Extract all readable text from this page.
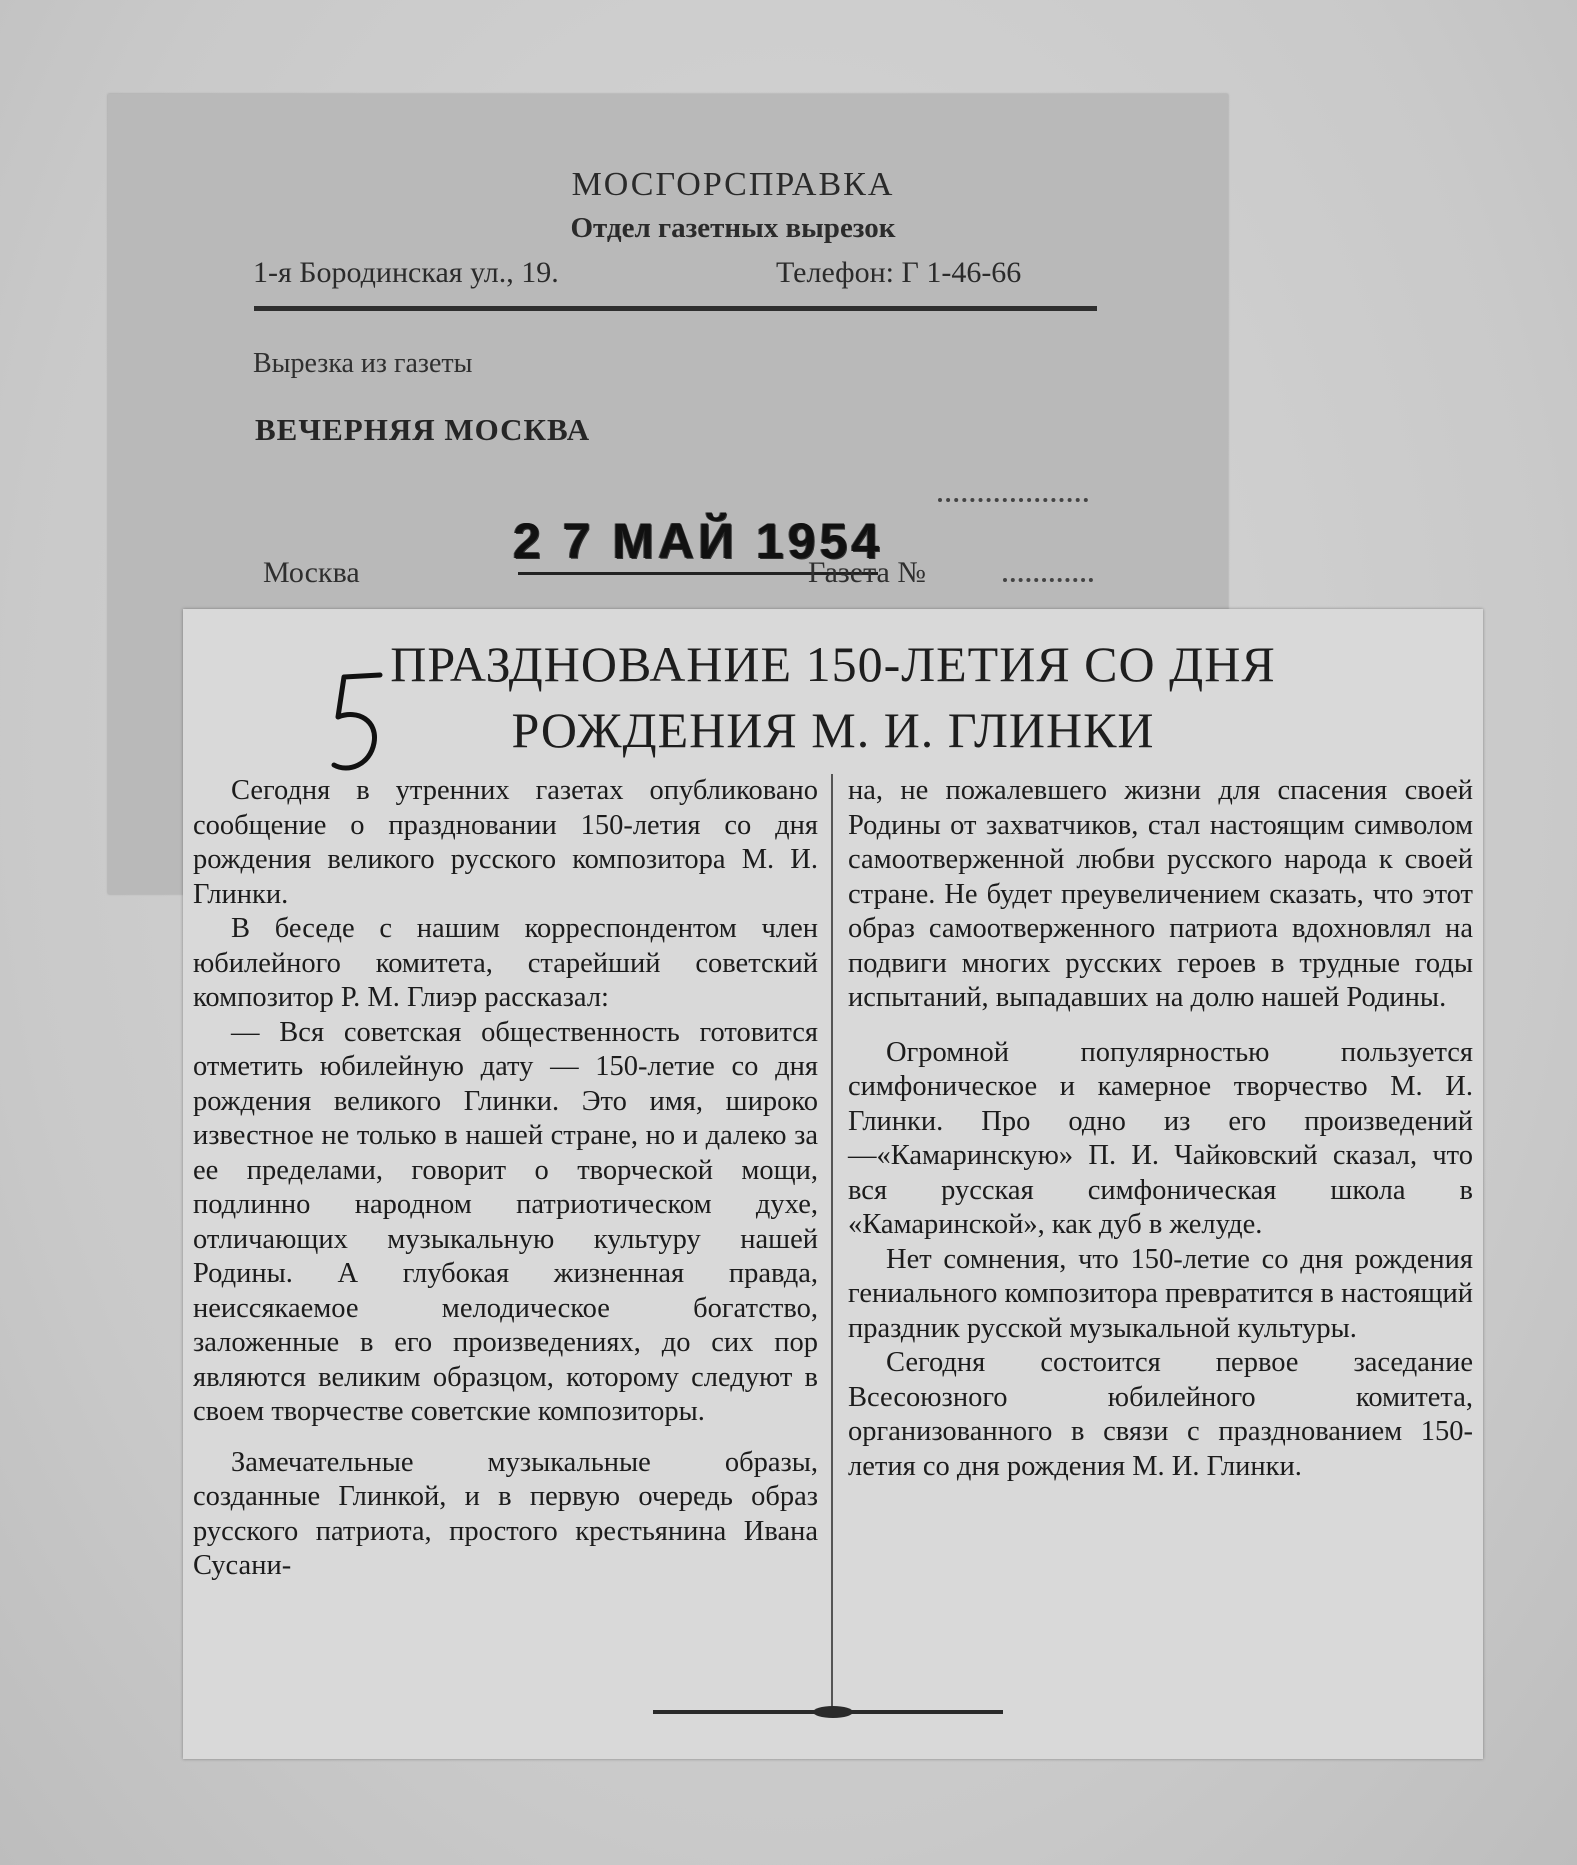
МОСГОРСПРАВКА
Отдел газетных вырезок
1-я Бородинская ул., 19.	Телефон: Г 1-46-66
Вырезка из газеты
ВЕЧЕРНЯЯ МОСКВА
2 7 МАЙ 1954
Москва	Газета №
ПРАЗДНОВАНИЕ 150-ЛЕТИЯ СО ДНЯ
РОЖДЕНИЯ М. И. ГЛИНКИ

Сегодня в утренних газетах опубликовано сообщение о праздновании 150-летия со дня рождения великого русского композитора М. И. Глинки.

В беседе с нашим корреспондентом член юбилейного комитета, старейший советский композитор Р. М. Глиэр рассказал:

— Вся советская общественность готовится отметить юбилейную дату — 150-летие со дня рождения великого Глинки. Это имя, широко известное не только в нашей стране, но и далеко за ее пределами, говорит о творческой мощи, подлинно народном патриотическом духе, отличающих музыкальную культуру нашей Родины. А глубокая жизненная правда, неиссякаемое мелодическое богатство, заложенные в его произведениях, до сих пор являются великим образцом, которому следуют в своем творчестве советские композиторы.

Замечательные музыкальные образы, созданные Глинкой, и в первую очередь образ русского патриота, простого крестьянина Ивана Сусани-

на, не пожалевшего жизни для спасения своей Родины от захватчиков, стал настоящим символом самоотверженной любви русского народа к своей стране. Не будет преувеличением сказать, что этот образ самоотверженного патриота вдохновлял на подвиги многих русских героев в трудные годы испытаний, выпадавших на долю нашей Родины.

Огромной популярностью пользуется симфоническое и камерное творчество М. И. Глинки. Про одно из его произведений—«Камаринскую» П. И. Чайковский сказал, что вся русская симфоническая школа в «Камаринской», как дуб в желуде.

Нет сомнения, что 150-летие со дня рождения гениального композитора превратится в настоящий праздник русской музыкальной культуры.

Сегодня состоится первое заседание Всесоюзного юбилейного комитета, организованного в связи с празднованием 150-летия со дня рождения М. И. Глинки.
